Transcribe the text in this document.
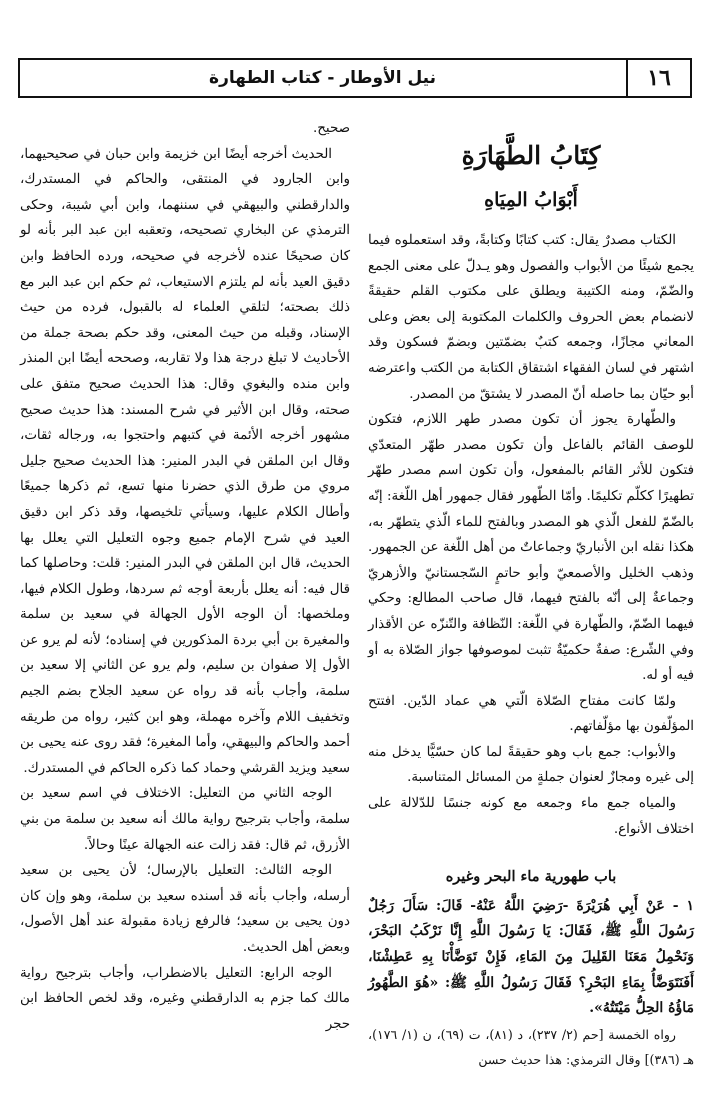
١٦
نيل الأوطار - كتاب الطهارة
كِتَابُ الطَّهَارَةِ
أَبْوَابُ المِيَاهِ

الكتاب مصدرٌ يقال: كتب كتابًا وكتابةً، وقد استعملوه فيما يجمع شيئًا من الأبواب والفصول وهو يـدلّ على معنى الجمع والضّمّ، ومنه الكتيبة ويطلق على مكتوب القلم حقيقةً لانضمام بعض الحروف والكلمات المكتوبة إلى بعض وعلى المعاني مجازًا، وجمعه كتبٌ بضمّتين وبضمّ فسكون وقد اشتهر في لسان الفقهاء اشتقاق الكتابة من الكتب واعترضه أبو حيّان بما حاصله أنّ المصدر لا يشتقّ من المصدر.

والطّهارة يجوز أن تكون مصدر طهر اللازم، فتكون للوصف القائم بالفاعل وأن تكون مصدر طهّر المتعدّي فتكون للأثر القائم بالمفعول، وأن تكون اسم مصدر طهّر تطهيرًا ككلّم تكليمًا. وأمّا الطّهور فقال جمهور أهل اللّغة: إنّه بالضّمّ للفعل الّذي هو المصدر وبالفتح للماء الّذي يتطهّر به، هكذا نقله ابن الأنباريّ وجماعاتٌ من أهل اللّغة عن الجمهور. وذهب الخليل والأصمعيّ وأبو حاتمٍ السّجستانيّ والأزهريّ وجماعةٌ إلى أنّه بالفتح فيهما، قال صاحب المطالع: وحكي فيهما الضّمّ، والطّهارة في اللّغة: النّظافة والتّنزّه عن الأقذار وفي الشّرع: صفةٌ حكميّةٌ تثبت لموصوفها جواز الصّلاة به أو فيه أو له.

ولمّا كانت مفتاح الصّلاة الّتي هي عماد الدّين. افتتح المؤلّفون بها مؤلّفاتهم.

والأبواب: جمع باب وهو حقيقةً لما كان حسّيًّا يدخل منه إلى غيره ومجازٌ لعنوان جملةٍ من المسائل المتناسبة.

والمياه جمع ماء وجمعه مع كونه جنسًا للدّلالة على اختلاف الأنواع.

باب طهورية ماء البحر وغيره

١ - عَنْ أَبِي هُرَيْرَةَ -رَضِيَ اللَّهُ عَنْهُ- قَالَ: سَأَلَ رَجُلٌ رَسُولَ اللَّهِ ﷺ، فَقَالَ: يَا رَسُولَ اللَّهِ إِنَّا نَرْكَبُ البَحْرَ، وَنَحْمِلُ مَعَنَا القَلِيلَ مِنَ المَاءِ، فَإِنْ تَوَضَّأْنَا بِهِ عَطِشْنَا، أَفَنَتَوَضَّأُ بِمَاءِ البَحْرِ؟ فَقَالَ رَسُولُ اللَّهِ ﷺ: «هُوَ الطَّهُورُ مَاؤُهُ الحِلُّ مَيْتَتُهُ».

رواه الخمسة [حم (٢/ ٢٣٧)، د (٨١)، ت (٦٩)، ن (١/ ١٧٦)، هـ (٣٨٦)] وقال الترمذي: هذا حديث حسن

صحيح.

الحديث أخرجه أيضًا ابن خزيمة وابن حبان في صحيحيهما، وابن الجارود في المنتقى، والحاكم في المستدرك، والدارقطني والبيهقي في سننهما، وابن أبي شيبة، وحكى الترمذي عن البخاري تصحيحه، وتعقبه ابن عبد البر بأنه لو كان صحيحًا عنده لأخرجه في صحيحه، ورده الحافظ وابن دقيق العيد بأنه لم يلتزم الاستيعاب، ثم حكم ابن عبد البر مع ذلك بصحته؛ لتلقي العلماء له بالقبول، فرده من حيث الإسناد، وقبله من حيث المعنى، وقد حكم بصحة جملة من الأحاديث لا تبلغ درجة هذا ولا تقاربه، وصححه أيضًا ابن المنذر وابن منده والبغوي وقال: هذا الحديث صحيح متفق على صحته، وقال ابن الأثير في شرح المسند: هذا حديث صحيح مشهور أخرجه الأئمة في كتبهم واحتجوا به، ورجاله ثقات، وقال ابن الملقن في البدر المنير: هذا الحديث صحيح جليل مروي من طرق الذي حضرنا منها تسع، ثم ذكرها جميعًا وأطال الكلام عليها، وسيأتي تلخيصها، وقد ذكر ابن دقيق العيد في شرح الإمام جميع وجوه التعليل التي يعلل بها الحديث، قال ابن الملقن في البدر المنير: قلت: وحاصلها كما قال فيه: أنه يعلل بأربعة أوجه ثم سردها، وطول الكلام فيها، وملخصها: أن الوجه الأول الجهالة في سعيد بن سلمة والمغيرة بن أبي بردة المذكورين في إسناده؛ لأنه لم يرو عن الأول إلا صفوان بن سليم، ولم يرو عن الثاني إلا سعيد بن سلمة، وأجاب بأنه قد رواه عن سعيد الجلاح بضم الجيم وتخفيف اللام وآخره مهملة، وهو ابن كثير، رواه من طريقه أحمد والحاكم والبيهقي، وأما المغيرة؛ فقد روى عنه يحيى بن سعيد ويزيد القرشي وحماد كما ذكره الحاكم في المستدرك.

الوجه الثاني من التعليل: الاختلاف في اسم سعيد بن سلمة، وأجاب بترجيح رواية مالك أنه سعيد بن سلمة من بني الأزرق، ثم قال: فقد زالت عنه الجهالة عينًا وحالاً.

الوجه الثالث: التعليل بالإرسال؛ لأن يحيى بن سعيد أرسله، وأجاب بأنه قد أسنده سعيد بن سلمة، وهو وإن كان دون يحيى بن سعيد؛ فالرفع زيادة مقبولة عند أهل الأصول، وبعض أهل الحديث.

الوجه الرابع: التعليل بالاضطراب، وأجاب بترجيح رواية مالك كما جزم به الدارقطني وغيره، وقد لخص الحافظ ابن حجر
